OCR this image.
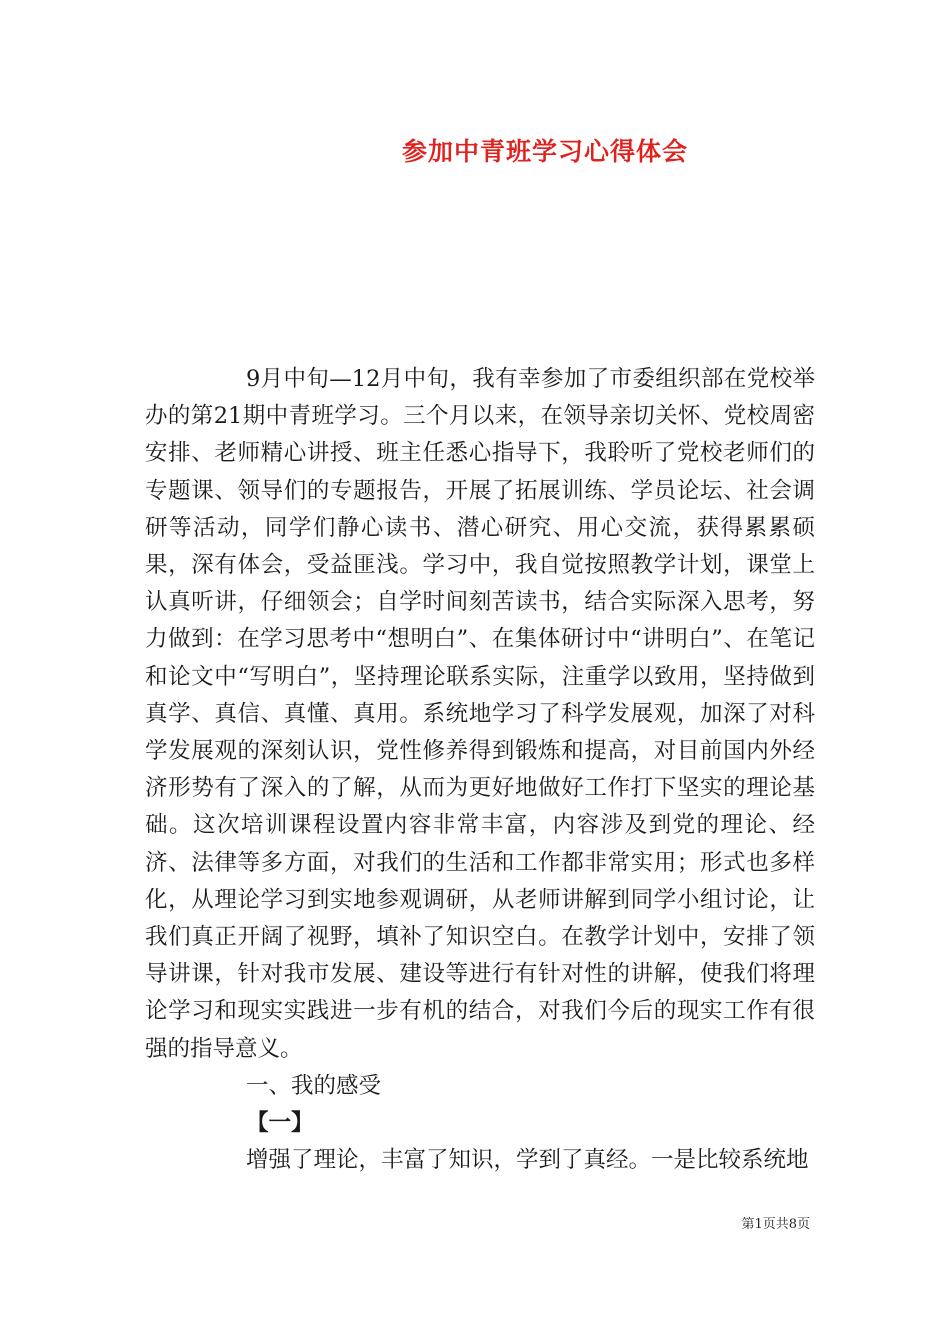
参加中青班学习心得体会

9月中旬—12月中旬，我有幸参加了市委组织部在党校举办的第21期中青班学习。三个月以来，在领导亲切关怀、党校周密安排、老师精心讲授、班主任悉心指导下，我聆听了党校老师们的专题课、领导们的专题报告，开展了拓展训练、学员论坛、社会调研等活动，同学们静心读书、潜心研究、用心交流，获得累累硕果，深有体会，受益匪浅。学习中，我自觉按照教学计划，课堂上认真听讲，仔细领会；自学时间刻苦读书，结合实际深入思考，努力做到：在学习思考中“想明白”、在集体研讨中“讲明白”、在笔记和论文中“写明白”，坚持理论联系实际，注重学以致用，坚持做到真学、真信、真懂、真用。系统地学习了科学发展观，加深了对科学发展观的深刻认识，党性修养得到锻炼和提高，对目前国内外经济形势有了深入的了解，从而为更好地做好工作打下坚实的理论基础。这次培训课程设置内容非常丰富，内容涉及到党的理论、经济、法律等多方面，对我们的生活和工作都非常实用；形式也多样化，从理论学习到实地参观调研，从老师讲解到同学小组讨论，让我们真正开阔了视野，填补了知识空白。在教学计划中，安排了领导讲课，针对我市发展、建设等进行有针对性的讲解，使我们将理论学习和现实实践进一步有机的结合，对我们今后的现实工作有很强的指导意义。

一、我的感受

【一】

增强了理论，丰富了知识，学到了真经。一是比较系统地

第1页共8页
